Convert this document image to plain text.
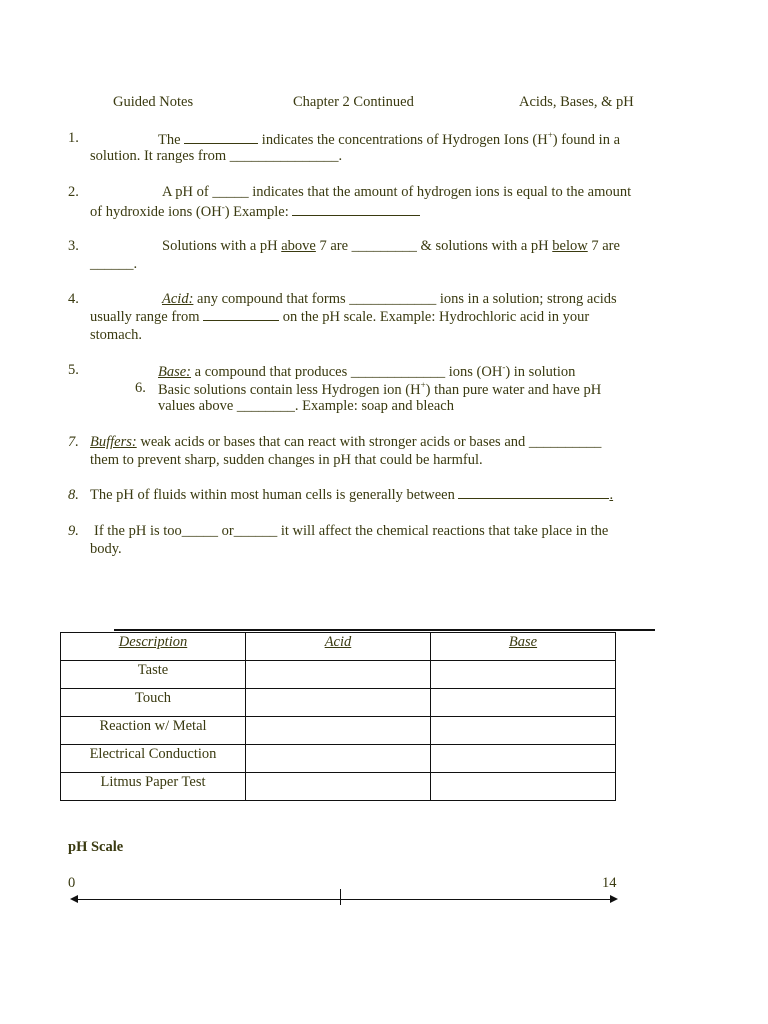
Guided Notes	Chapter 2 Continued	Acids, Bases, & pH
1.	The	indicates the concentrations of Hydrogen Ions (H+) found in a
solution. It ranges from _______________.
2.	A pH of _____ indicates that the amount of hydrogen ions is equal to the amount
of hydroxide ions (OH-) Example:
3.	Solutions with a pH above 7 are _________ & solutions with a pH below 7 are
______.
4.	Acid: any compound that forms ____________ ions in a solution; strong acids
usually range from	on the pH scale. Example: Hydrochloric acid in your
stomach.
5.	Base: a compound that produces _____________ ions (OH-) in solution
6. Basic solutions contain less Hydrogen ion (H+) than pure water and have pH
values above ________. Example: soap and bleach
7. Buffers: weak acids or bases that can react with stronger acids or bases and __________
them to prevent sharp, sudden changes in pH that could be harmful.
8. The pH of fluids within most human cells is generally between	.
9. If the pH is too_____ or______ it will affect the chemical reactions that take place in the
body.
Description	Acid	Base
Taste		
Touch		
Reaction w/ Metal		
Electrical Conduction		
Litmus Paper Test		
pH Scale
0	14
